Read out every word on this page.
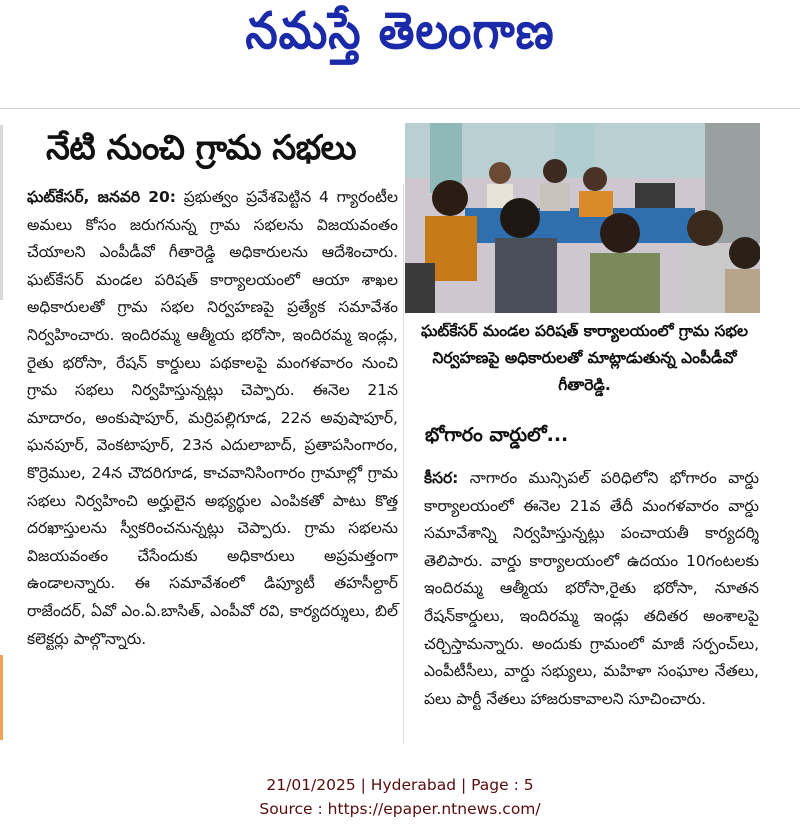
నమస్తే తెలంగాణ
నేటి నుంచి గ్రామ సభలు
ఘట్‌కేసర్, జనవరి 20: ప్రభుత్వం ప్రవేశపెట్టిన 4 గ్యారంటీల అమలు కోసం జరుగనున్న గ్రామ సభలను విజయవంతం చేయాలని ఎంపీడీవో గీతారెడ్డి అధికారులను ఆదేశించారు. ఘట్‌కేసర్ మండల పరిషత్ కార్యాలయంలో ఆయా శాఖల అధికారులతో గ్రామ సభల నిర్వహణపై ప్రత్యేక సమావేశం నిర్వహించారు. ఇందిరమ్మ ఆత్మీయ భరోసా, ఇందిరమ్మ ఇండ్లు, రైతు భరోసా, రేషన్ కార్డులు పథకాలపై మంగళవారం నుంచి గ్రామ సభలు నిర్వహిస్తున్నట్లు చెప్పారు. ఈనెల 21న మాదారం, అంకుషాపూర్, మర్రిపల్లిగూడ, 22న అవుషాపూర్, ఘనపూర్, వెంకటాపూర్, 23న ఎదులాబాద్, ప్రతాపసింగారం, కొర్రెముల, 24న చౌదరిగూడ, కాచవానిసింగారం గ్రామాల్లో గ్రామ సభలు నిర్వహించి అర్హులైన అభ్యర్థుల ఎంపికతో పాటు కొత్త దరఖాస్తులను స్వీకరించనున్నట్లు చెప్పారు. గ్రామ సభలను విజయవంతం చేసేందుకు అధికారులు అప్రమత్తంగా ఉండాలన్నారు. ఈ సమావేశంలో డిప్యూటీ తహసీల్దార్ రాజేందర్, ఏవో ఎం.ఏ.బాసిత్, ఎంపీవో రవి, కార్యదర్శులు, బిల్ కలెక్టర్లు పాల్గొన్నారు.
ఘట్‌కేసర్ మండల పరిషత్ కార్యాలయంలో గ్రామ సభల నిర్వహణపై అధికారులతో మాట్లాడుతున్న ఎంపీడీవో గీతారెడ్డి.
భోగారం వార్డులో...
కీసర: నాగారం మున్సిపల్ పరిధిలోని భోగారం వార్డు కార్యాలయంలో ఈనెల 21వ తేదీ మంగళవారం వార్డు సమావేశాన్ని నిర్వహిస్తున్నట్లు పంచాయతీ కార్యదర్శి తెలిపారు. వార్డు కార్యాలయంలో ఉదయం 10గంటలకు ఇందిరమ్మ ఆత్మీయ భరోసా,రైతు భరోసా, నూతన రేషన్‌కార్డులు, ఇందిరమ్మ ఇండ్లు తదితర అంశాలపై చర్చిస్తామన్నారు. అందుకు గ్రామంలో మాజీ సర్పంచ్‌లు, ఎంపీటీసీలు, వార్డు సభ్యులు, మహిళా సంఘాల నేతలు, పలు పార్టీ నేతలు హాజరుకావాలని సూచించారు.
21/01/2025 | Hyderabad | Page : 5
Source : https://epaper.ntnews.com/
